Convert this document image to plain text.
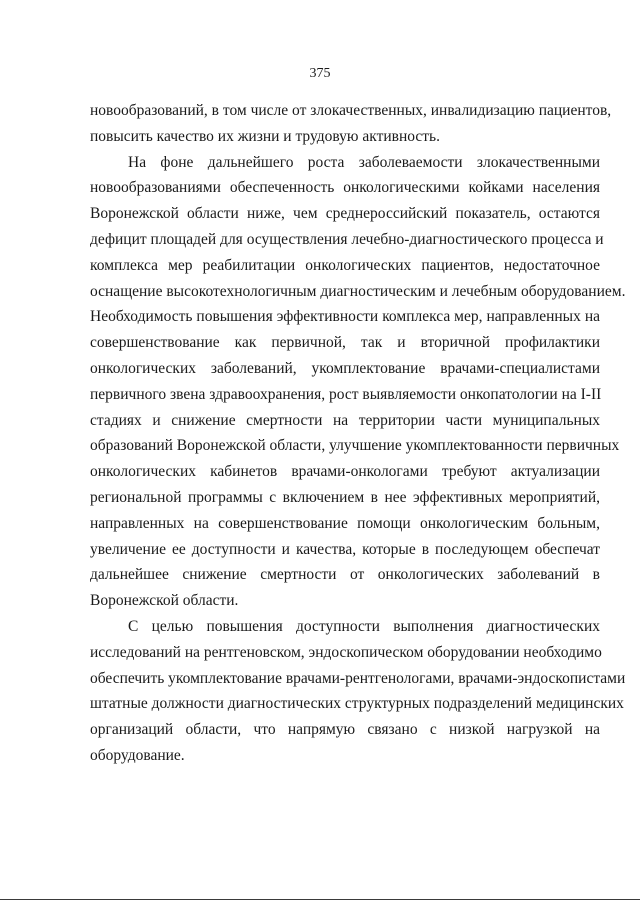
375
новообразований, в том числе от злокачественных, инвалидизацию пациентов,
повысить качество их жизни и трудовую активность.
На фоне дальнейшего роста заболеваемости злокачественными
новообразованиями обеспеченность онкологическими койками населения
Воронежской области ниже, чем среднероссийский показатель, остаются
дефицит площадей для осуществления лечебно-диагностического процесса и
комплекса мер реабилитации онкологических пациентов, недостаточное
оснащение высокотехнологичным диагностическим и лечебным оборудованием.
Необходимость повышения эффективности комплекса мер, направленных на
совершенствование как первичной, так и вторичной профилактики
онкологических заболеваний, укомплектование врачами-специалистами
первичного звена здравоохранения, рост выявляемости онкопатологии на I-II
стадиях и снижение смертности на территории части муниципальных
образований Воронежской области, улучшение укомплектованности первичных
онкологических кабинетов врачами-онкологами требуют актуализации
региональной программы с включением в нее эффективных мероприятий,
направленных на совершенствование помощи онкологическим больным,
увеличение ее доступности и качества, которые в последующем обеспечат
дальнейшее снижение смертности от онкологических заболеваний в
Воронежской области.
С целью повышения доступности выполнения диагностических
исследований на рентгеновском, эндоскопическом оборудовании необходимо
обеспечить укомплектование врачами-рентгенологами, врачами-эндоскопистами
штатные должности диагностических структурных подразделений медицинских
организаций области, что напрямую связано с низкой нагрузкой на
оборудование.
